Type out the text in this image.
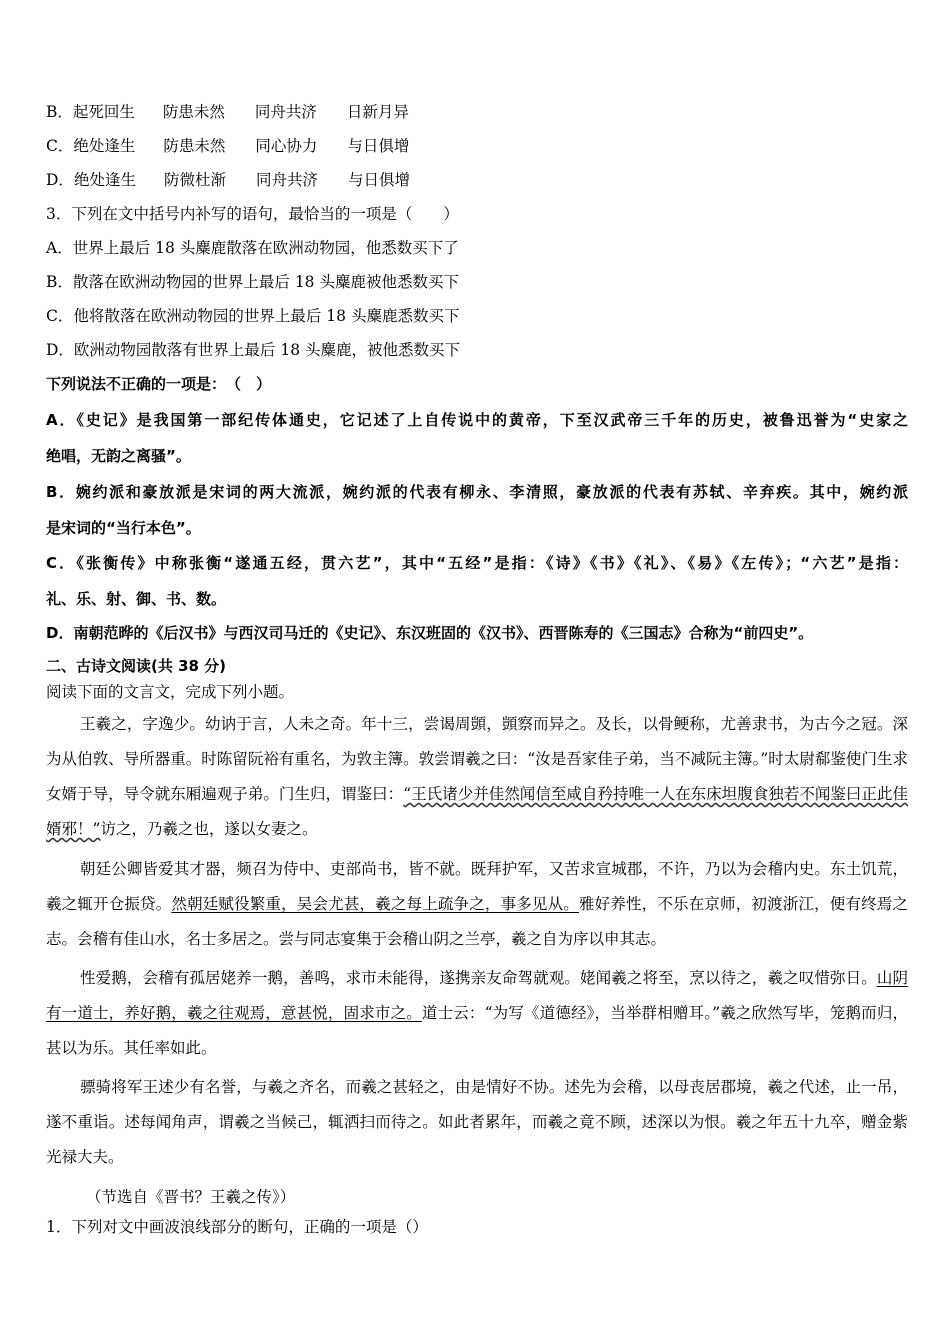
B．起死回生 防患未然 同舟共济 日新月异
C．绝处逢生 防患未然 同心协力 与日俱增
D．绝处逢生 防微杜渐 同舟共济 与日俱增
3．下列在文中括号内补写的语句，最恰当的一项是（　　）
A．世界上最后 18 头麋鹿散落在欧洲动物园，他悉数买下了
B．散落在欧洲动物园的世界上最后 18 头麋鹿被他悉数买下
C．他将散落在欧洲动物园的世界上最后 18 头麋鹿悉数买下
D．欧洲动物园散落有世界上最后 18 头麋鹿，被他悉数买下
下列说法不正确的一项是：　（　）
A．《史记》是我国第一部纪传体通史，它记述了上自传说中的黄帝，下至汉武帝三千年的历史，被鲁迅誉为“史家之
绝唱，无韵之离骚”。
B．婉约派和豪放派是宋词的两大流派，婉约派的代表有柳永、李清照，豪放派的代表有苏轼、辛弃疾。其中，婉约派
是宋词的“当行本色”。
C．《张衡传》中称张衡“遂通五经，贯六艺”，其中“五经”是指：《诗》《书》《礼》、《易》《左传》；“六艺”是指：
礼、乐、射、御、书、数。
D．南朝范晔的《后汉书》与西汉司马迁的《史记》、东汉班固的《汉书》、西晋陈寿的《三国志》合称为“前四史”。
二、古诗文阅读(共 38 分)
阅读下面的文言文，完成下列小题。
王羲之，字逸少。幼讷于言，人未之奇。年十三，尝谒周顗，顗察而异之。及长，以骨鲠称，尤善隶书，为古今之冠。深为从伯敦、导所器重。时陈留阮裕有重名，为敦主簿。敦尝谓羲之曰：“汝是吾家佳子弟，当不减阮主簿。”时太尉郗鉴使门生求女婿于导，导令就东厢遍观子弟。门生归，谓鉴曰：“王氏诸少并佳然闻信至咸自矜持唯一人在东床坦腹食独若不闻鉴曰正此佳婿邪！”访之，乃羲之也，遂以女妻之。
朝廷公卿皆爱其才器，频召为侍中、吏部尚书，皆不就。既拜护军，又苦求宣城郡，不许，乃以为会稽内史。东土饥荒，羲之辄开仓振贷。然朝廷赋役繁重，吴会尤甚，羲之每上疏争之，事多见从。雅好养性，不乐在京师，初渡浙江，便有终焉之志。会稽有佳山水，名士多居之。尝与同志宴集于会稽山阴之兰亭，羲之自为序以申其志。
性爱鹅，会稽有孤居姥养一鹅，善鸣，求市未能得，遂携亲友命驾就观。姥闻羲之将至，烹以待之，羲之叹惜弥日。山阴有一道士，养好鹅，羲之往观焉，意甚悦，固求市之。道士云：“为写《道德经》，当举群相赠耳。”羲之欣然写毕，笼鹅而归，甚以为乐。其任率如此。
骠骑将军王述少有名誉，与羲之齐名，而羲之甚轻之，由是情好不协。述先为会稽，以母丧居郡境，羲之代述，止一吊，遂不重诣。述每闻角声，谓羲之当候己，辄洒扫而待之。如此者累年，而羲之竟不顾，述深以为恨。羲之年五十九卒，赠金紫光禄大夫。
（节选自《晋书？王羲之传》）
1．下列对文中画波浪线部分的断句，正确的一项是（）
